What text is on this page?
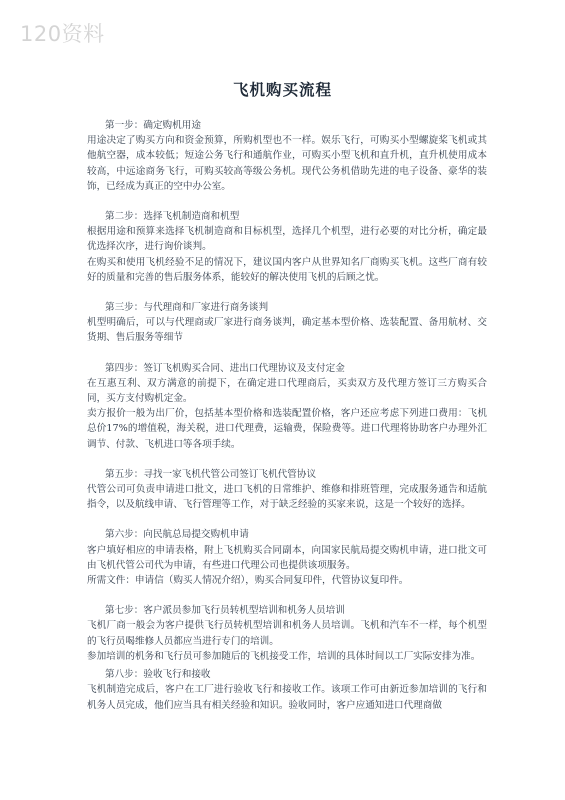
120资料
飞机购买流程
第一步：确定购机用途
用途决定了购买方向和资金预算，所购机型也不一样。娱乐飞行，可购买小型螺旋桨飞机或其他航空器，成本较低；短途公务飞行和通航作业，可购买小型飞机和直升机，直升机使用成本较高，中远途商务飞行，可购买较高等级公务机。现代公务机借助先进的电子设备、豪华的装饰，已经成为真正的空中办公室。
第二步：选择飞机制造商和机型
根据用途和预算来选择飞机制造商和目标机型，选择几个机型，进行必要的对比分析，确定最优选择次序，进行询价谈判。
在购买和使用飞机经验不足的情况下，建议国内客户从世界知名厂商购买飞机。这些厂商有较好的质量和完善的售后服务体系，能较好的解决使用飞机的后顾之忧。
第三步：与代理商和厂家进行商务谈判
机型明确后，可以与代理商或厂家进行商务谈判，确定基本型价格、选装配置、备用航材、交货期、售后服务等细节
第四步：签订飞机购买合同、进出口代理协议及支付定金
在互惠互利、双方满意的前提下，在确定进口代理商后，买卖双方及代理方签订三方购买合同，买方支付购机定金。
卖方报价一般为出厂价，包括基本型价格和选装配置价格，客户还应考虑下列进口费用：飞机总价17%的增值税，海关税，进口代理费，运输费，保险费等。进口代理将协助客户办理外汇调节、付款、飞机进口等各项手续。
第五步：寻找一家飞机代管公司签订飞机代管协议
代管公司可负责申请进口批文，进口飞机的日常维护、维修和排班管理，完成服务通告和适航指令，以及航线申请、飞行管理等工作，对于缺乏经验的买家来说，这是一个较好的选择。
第六步：向民航总局提交购机申请
客户填好相应的申请表格，附上飞机购买合同副本，向国家民航局提交购机申请，进口批文可由飞机代管公司代为申请，有些进口代理公司也提供该项服务。
所需文件：申请信（购买人情况介绍），购买合同复印件，代管协议复印件。
第七步：客户派员参加飞行员转机型培训和机务人员培训
飞机厂商一般会为客户提供飞行员转机型培训和机务人员培训。飞机和汽车不一样，每个机型的飞行员喝维修人员都应当进行专门的培训。
参加培训的机务和飞行员可参加随后的飞机接受工作，培训的具体时间以工厂实际安排为准。
第八步：验收飞行和接收
飞机制造完成后，客户在工厂进行验收飞行和接收工作。该项工作可由新近参加培训的飞行和机务人员完成，他们应当具有相关经验和知识。验收同时，客户应通知进口代理商做
